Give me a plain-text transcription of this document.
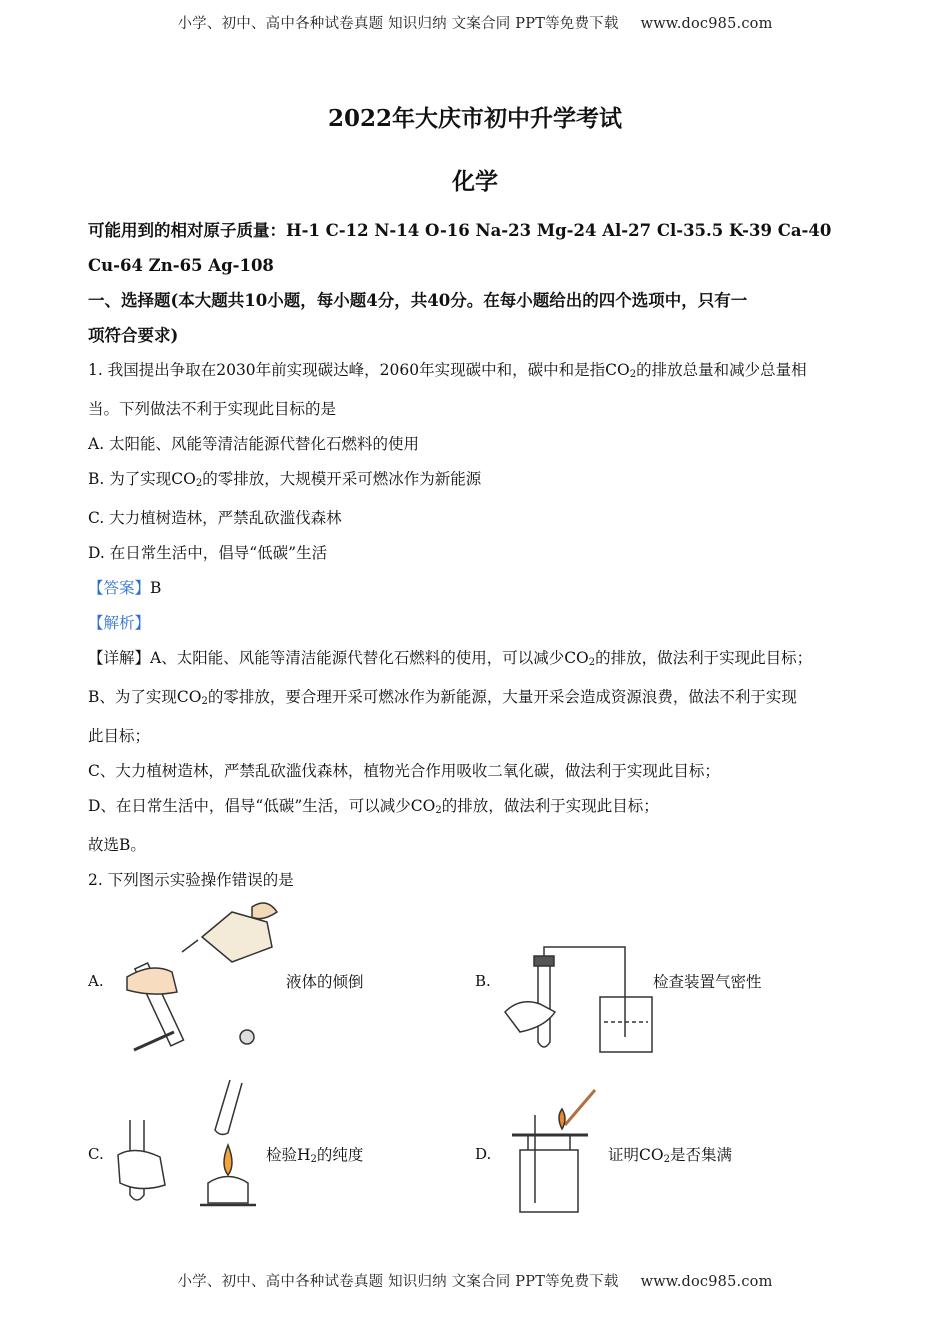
小学、初中、高中各种试卷真题 知识归纳 文案合同 PPT等免费下载 www.doc985.com
2022年大庆市初中升学考试
化学

可能用到的相对原子质量：H-1 C-12 N-14 O-16 Na-23 Mg-24 Al-27 Cl-35.5 K-39 Ca-40

Cu-64 Zn-65 Ag-108

一、选择题(本大题共10小题，每小题4分，共40分。在每小题给出的四个选项中，只有一

项符合要求)

1. 我国提出争取在2030年前实现碳达峰，2060年实现碳中和，碳中和是指$CO_2$的排放总量和减少总量相

当。下列做法不利于实现此目标的是

A. 太阳能、风能等清洁能源代替化石燃料的使用

B. 为了实现$CO_2$的零排放，大规模开采可燃冰作为新能源

C. 大力植树造林，严禁乱砍滥伐森林

D. 在日常生活中，倡导“低碳”生活

【答案】B

【解析】

【详解】A、太阳能、风能等清洁能源代替化石燃料的使用，可以减少$CO_2$的排放，做法利于实现此目标；

B、为了实现$CO_2$的零排放，要合理开采可燃冰作为新能源，大量开采会造成资源浪费，做法不利于实现

此目标；

C、大力植树造林，严禁乱砍滥伐森林，植物光合作用吸收二氧化碳，做法利于实现此目标；

D、在日常生活中，倡导“低碳”生活，可以减少$CO_2$的排放，做法利于实现此目标；

故选B。

2. 下列图示实验操作错误的是

A.	液体的倾倒	B.	检查装置气密性
C.	检验$H_2$的纯度	D.	证明$CO_2$是否集满
小学、初中、高中各种试卷真题 知识归纳 文案合同 PPT等免费下载 www.doc985.com
